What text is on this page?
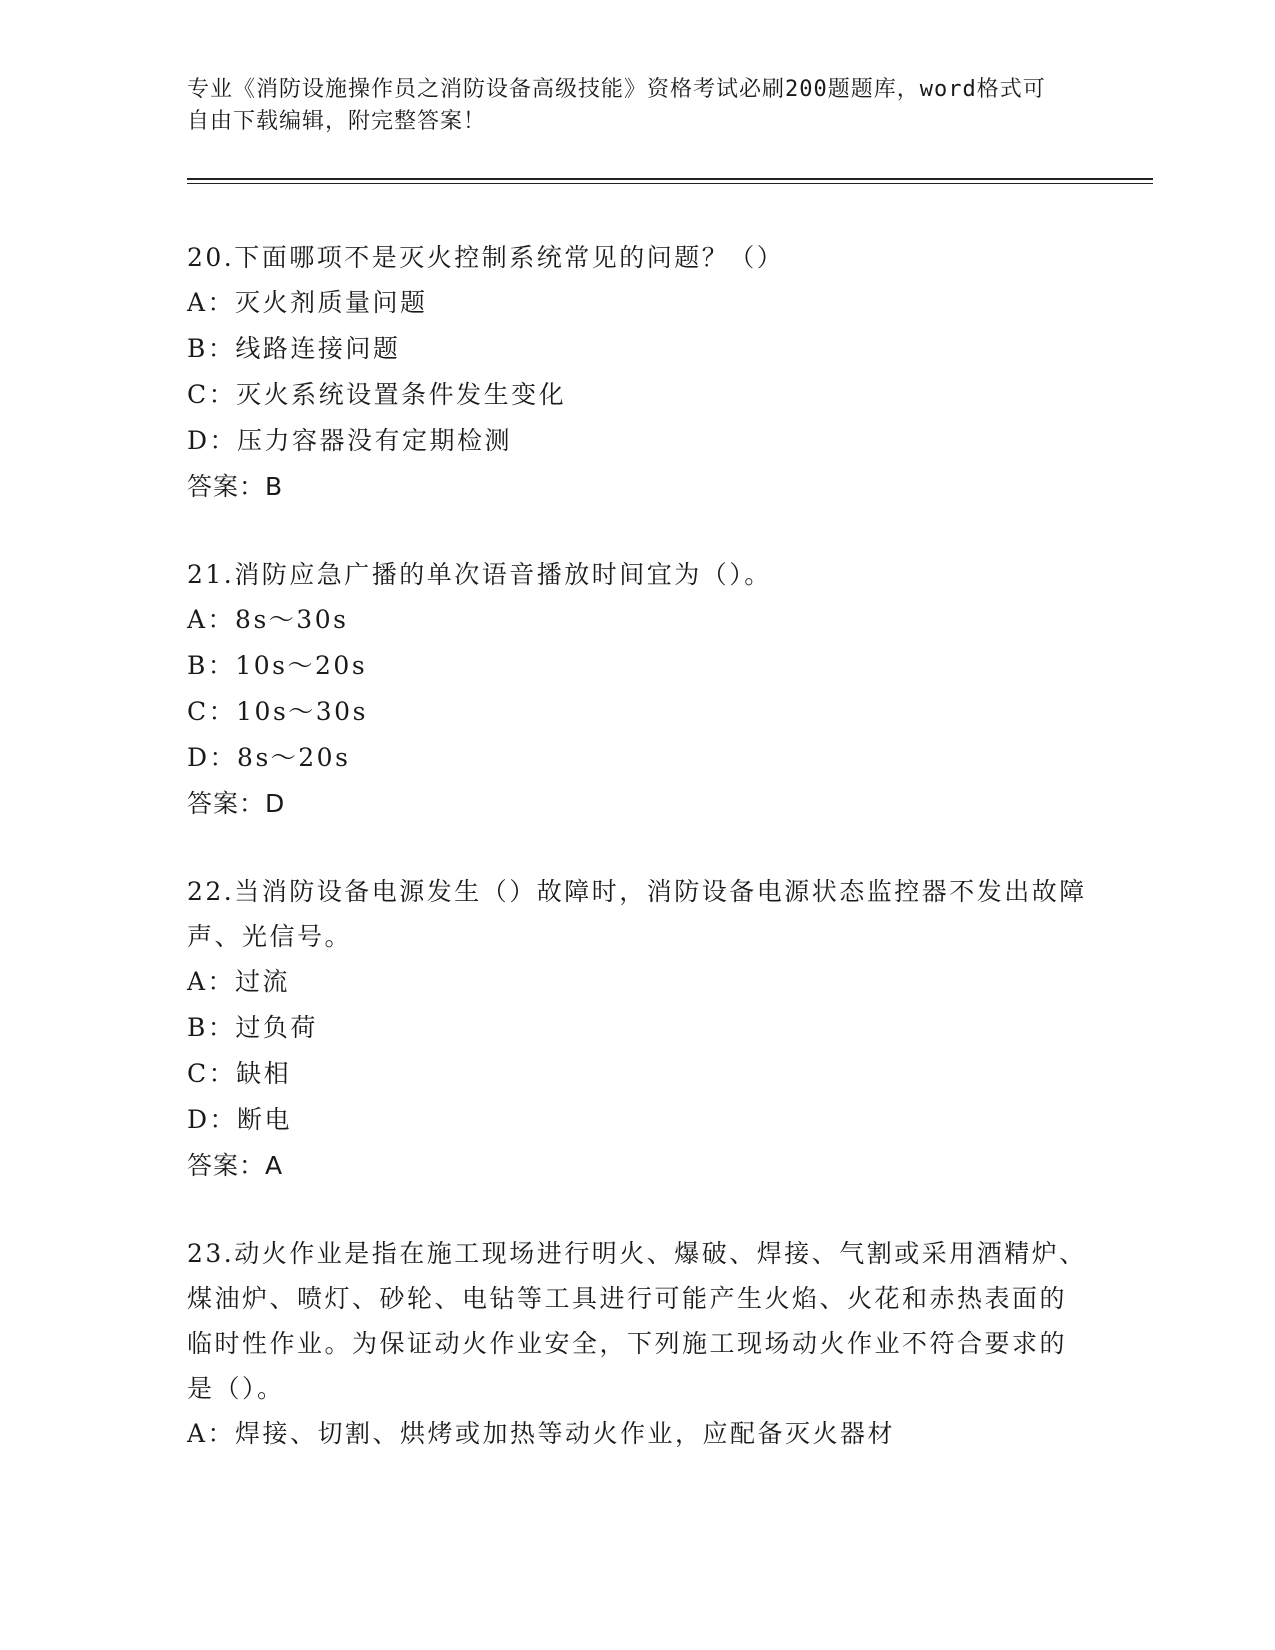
专业《消防设施操作员之消防设备高级技能》资格考试必刷200题题库，word格式可自由下载编辑，附完整答案！

20.下面哪项不是灭火控制系统常见的问题？（）

A：灭火剂质量问题

B：线路连接问题

C：灭火系统设置条件发生变化

D：压力容器没有定期检测

答案：B

21.消防应急广播的单次语音播放时间宜为（）。

A：8s～30s

B：10s～20s

C：10s～30s

D：8s～20s

答案：D

22.当消防设备电源发生（）故障时，消防设备电源状态监控器不发出故障声、光信号。

A：过流

B：过负荷

C：缺相

D：断电

答案：A

23.动火作业是指在施工现场进行明火、爆破、焊接、气割或采用酒精炉、煤油炉、喷灯、砂轮、电钻等工具进行可能产生火焰、火花和赤热表面的临时性作业。为保证动火作业安全，下列施工现场动火作业不符合要求的是（）。

A：焊接、切割、烘烤或加热等动火作业，应配备灭火器材
